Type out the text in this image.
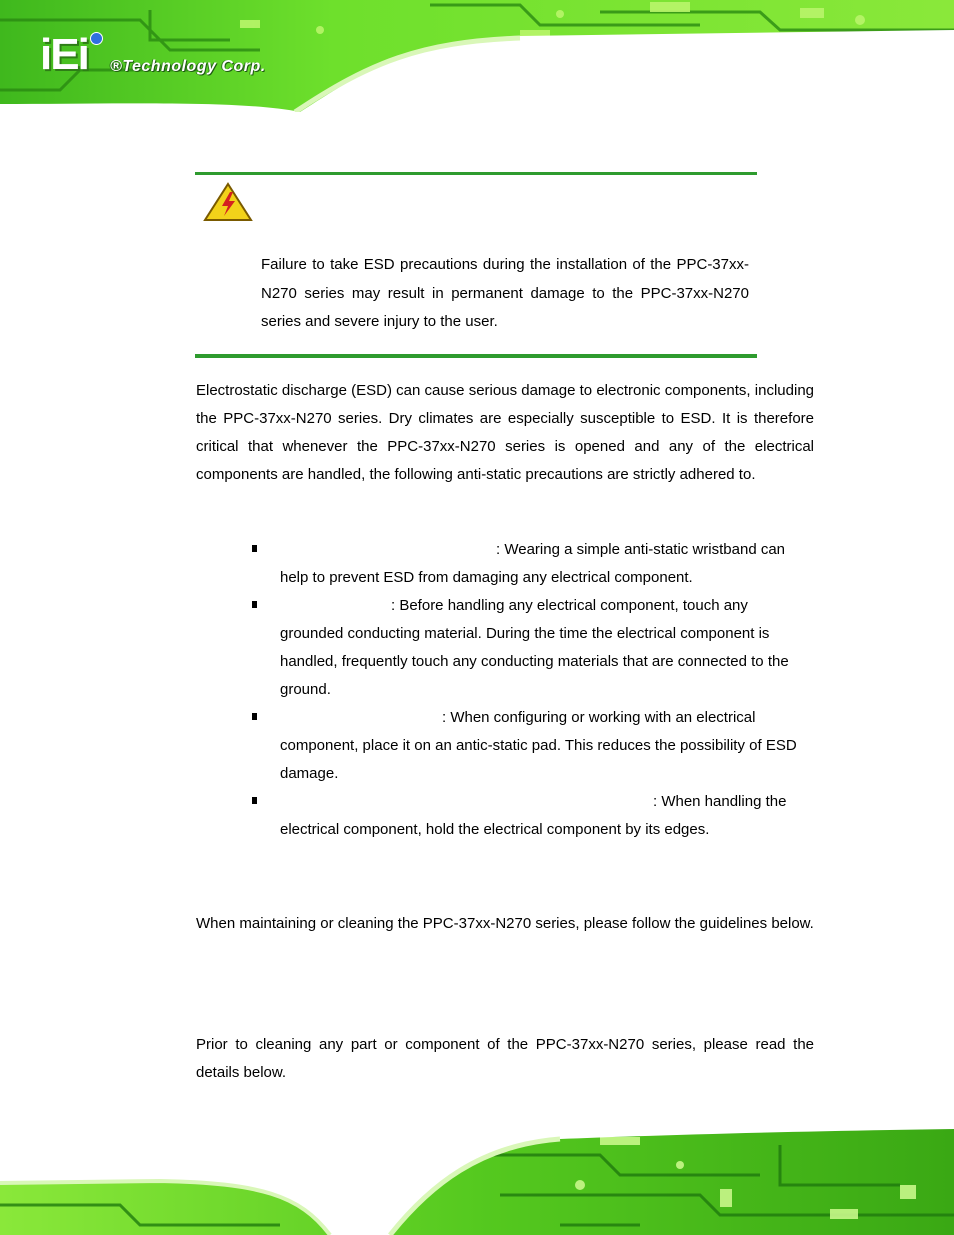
iEi ®Technology Corp.
Failure to take ESD precautions during the installation of the PPC-37xx-N270 series may result in permanent damage to the PPC-37xx-N270 series and severe injury to the user.

Electrostatic discharge (ESD) can cause serious damage to electronic components, including the PPC-37xx-N270 series. Dry climates are especially susceptible to ESD. It is therefore critical that whenever the PPC-37xx-N270 series is opened and any of the electrical components are handled, the following anti-static precautions are strictly adhered to.

: Wearing a simple anti-static wristband can help to prevent ESD from damaging any electrical component.
: Before handling any electrical component, touch any grounded conducting material. During the time the electrical component is handled, frequently touch any conducting materials that are connected to the ground.
: When configuring or working with an electrical component, place it on an antic-static pad. This reduces the possibility of ESD damage.
: When handling the electrical component, hold the electrical component by its edges.

When maintaining or cleaning the PPC-37xx-N270 series, please follow the guidelines below.

Prior to cleaning any part or component of the PPC-37xx-N270 series, please read the details below.
